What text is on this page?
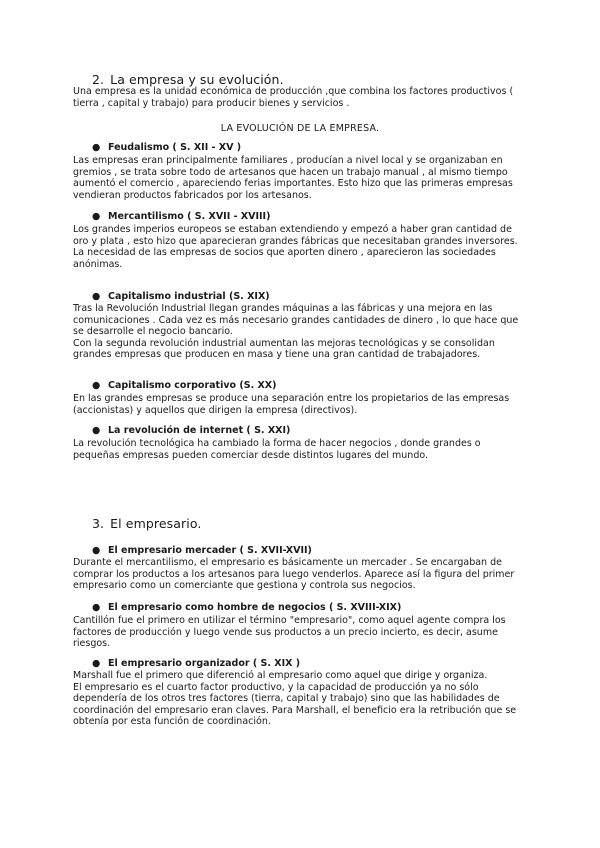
2. La empresa y su evolución.

Una empresa es la unidad económica de producción ,que combina los factores productivos ( tierra , capital y trabajo) para producir bienes y servicios .

LA EVOLUCIÓN DE LA EMPRESA.
● Feudalismo ( S. XII - XV )

Las empresas eran principalmente familiares , producían a nivel local y se organizaban en gremios , se trata sobre todo de artesanos que hacen un trabajo manual , al mismo tiempo aumentó el comercio , apareciendo ferias importantes. Esto hizo que las primeras empresas vendieran productos fabricados por los artesanos.

● Mercantilismo ( S. XVII - XVIII)

Los grandes imperios europeos se estaban extendiendo y empezó a haber gran cantidad de oro y plata , esto hizo que aparecieran grandes fábricas que necesitaban grandes inversores.

La necesidad de las empresas de socios que aporten dinero , aparecieron las sociedades anónimas.

● Capitalismo industrial (S. XIX)

Tras la Revolución Industrial llegan grandes máquinas a las fábricas y una mejora en las comunicaciones . Cada vez es más necesario grandes cantidades de dinero , lo que hace que se desarrolle el negocio bancario.

Con la segunda revolución industrial aumentan las mejoras tecnológicas y se consolidan grandes empresas que producen en masa y tiene una gran cantidad de trabajadores.

● Capitalismo corporativo (S. XX)

En las grandes empresas se produce una separación entre los propietarios de las empresas (accionistas) y aquellos que dirigen la empresa (directivos).

● La revolución de internet ( S. XXI)

La revolución tecnológica ha cambiado la forma de hacer negocios , donde grandes o pequeñas empresas pueden comerciar desde distintos lugares del mundo.

3. El empresario.
● El empresario mercader ( S. XVII-XVII)

Durante el mercantilismo, el empresario es básicamente un mercader . Se encargaban de comprar los productos a los artesanos para luego venderlos. Aparece así la figura del primer empresario como un comerciante que gestiona y controla sus negocios.

● El empresario como hombre de negocios ( S. XVIII-XIX)

Cantillón fue el primero en utilizar el término "empresario", como aquel agente compra los factores de producción y luego vende sus productos a un precio incierto, es decir, asume riesgos.

● El empresario organizador ( S. XIX )

Marshall fue el primero que diferenció al empresario como aquel que dirige y organiza.

El empresario es el cuarto factor productivo, y la capacidad de producción ya no sólo dependería de los otros tres factores (tierra, capital y trabajo) sino que las habilidades de coordinación del empresario eran claves. Para Marshall, el beneficio era la retribución que se obtenía por esta función de coordinación.
